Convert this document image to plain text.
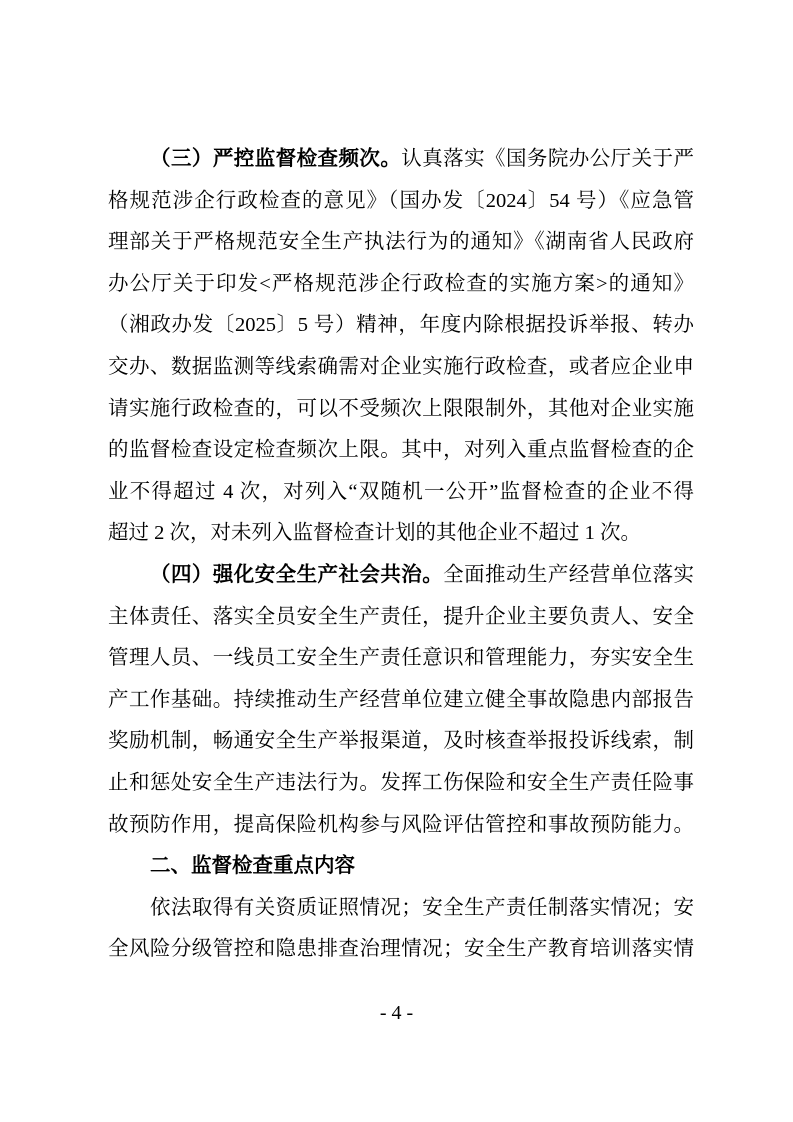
（三）严控监督检查频次。认真落实《国务院办公厅关于严
格规范涉企行政检查的意见》（国办发〔2024〕54 号）《应急管
理部关于严格规范安全生产执法行为的通知》《湖南省人民政府
办公厅关于印发<严格规范涉企行政检查的实施方案>的通知》
（湘政办发〔2025〕5 号）精神，年度内除根据投诉举报、转办
交办、数据监测等线索确需对企业实施行政检查，或者应企业申
请实施行政检查的，可以不受频次上限限制外，其他对企业实施
的监督检查设定检查频次上限。其中，对列入重点监督检查的企
业不得超过 4 次，对列入“双随机一公开”监督检查的企业不得
超过 2 次，对未列入监督检查计划的其他企业不超过 1 次。
（四）强化安全生产社会共治。全面推动生产经营单位落实
主体责任、落实全员安全生产责任，提升企业主要负责人、安全
管理人员、一线员工安全生产责任意识和管理能力，夯实安全生
产工作基础。持续推动生产经营单位建立健全事故隐患内部报告
奖励机制，畅通安全生产举报渠道，及时核查举报投诉线索，制
止和惩处安全生产违法行为。发挥工伤保险和安全生产责任险事
故预防作用，提高保险机构参与风险评估管控和事故预防能力。
二、监督检查重点内容
依法取得有关资质证照情况；安全生产责任制落实情况；安
全风险分级管控和隐患排查治理情况；安全生产教育培训落实情
- 4 -
